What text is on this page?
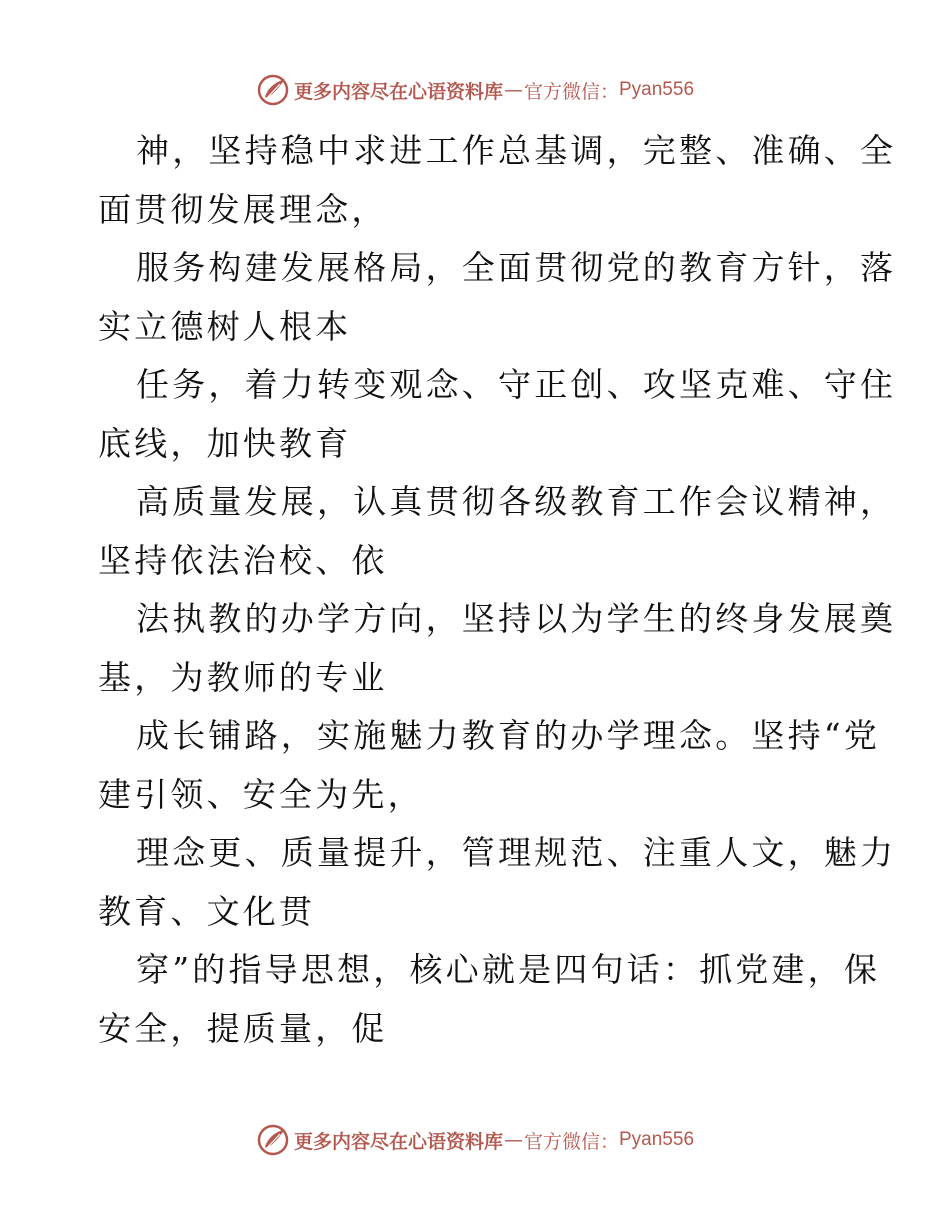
更多内容尽在心语资料库 — 官方微信： Pyan556
神，坚持稳中求进工作总基调，完整、准确、全
面贯彻发展理念，
服务构建发展格局，全面贯彻党的教育方针，落
实立德树人根本
任务，着力转变观念、守正创、攻坚克难、守住
底线，加快教育
高质量发展，认真贯彻各级教育工作会议精神，
坚持依法治校、依
法执教的办学方向，坚持以为学生的终身发展奠
基，为教师的专业
成长铺路，实施魅力教育的办学理念。坚持“党
建引领、安全为先，
理念更、质量提升，管理规范、注重人文，魅力
教育、文化贯
穿”的指导思想，核心就是四句话：抓党建，保
安全，提质量，促
更多内容尽在心语资料库 — 官方微信： Pyan556
